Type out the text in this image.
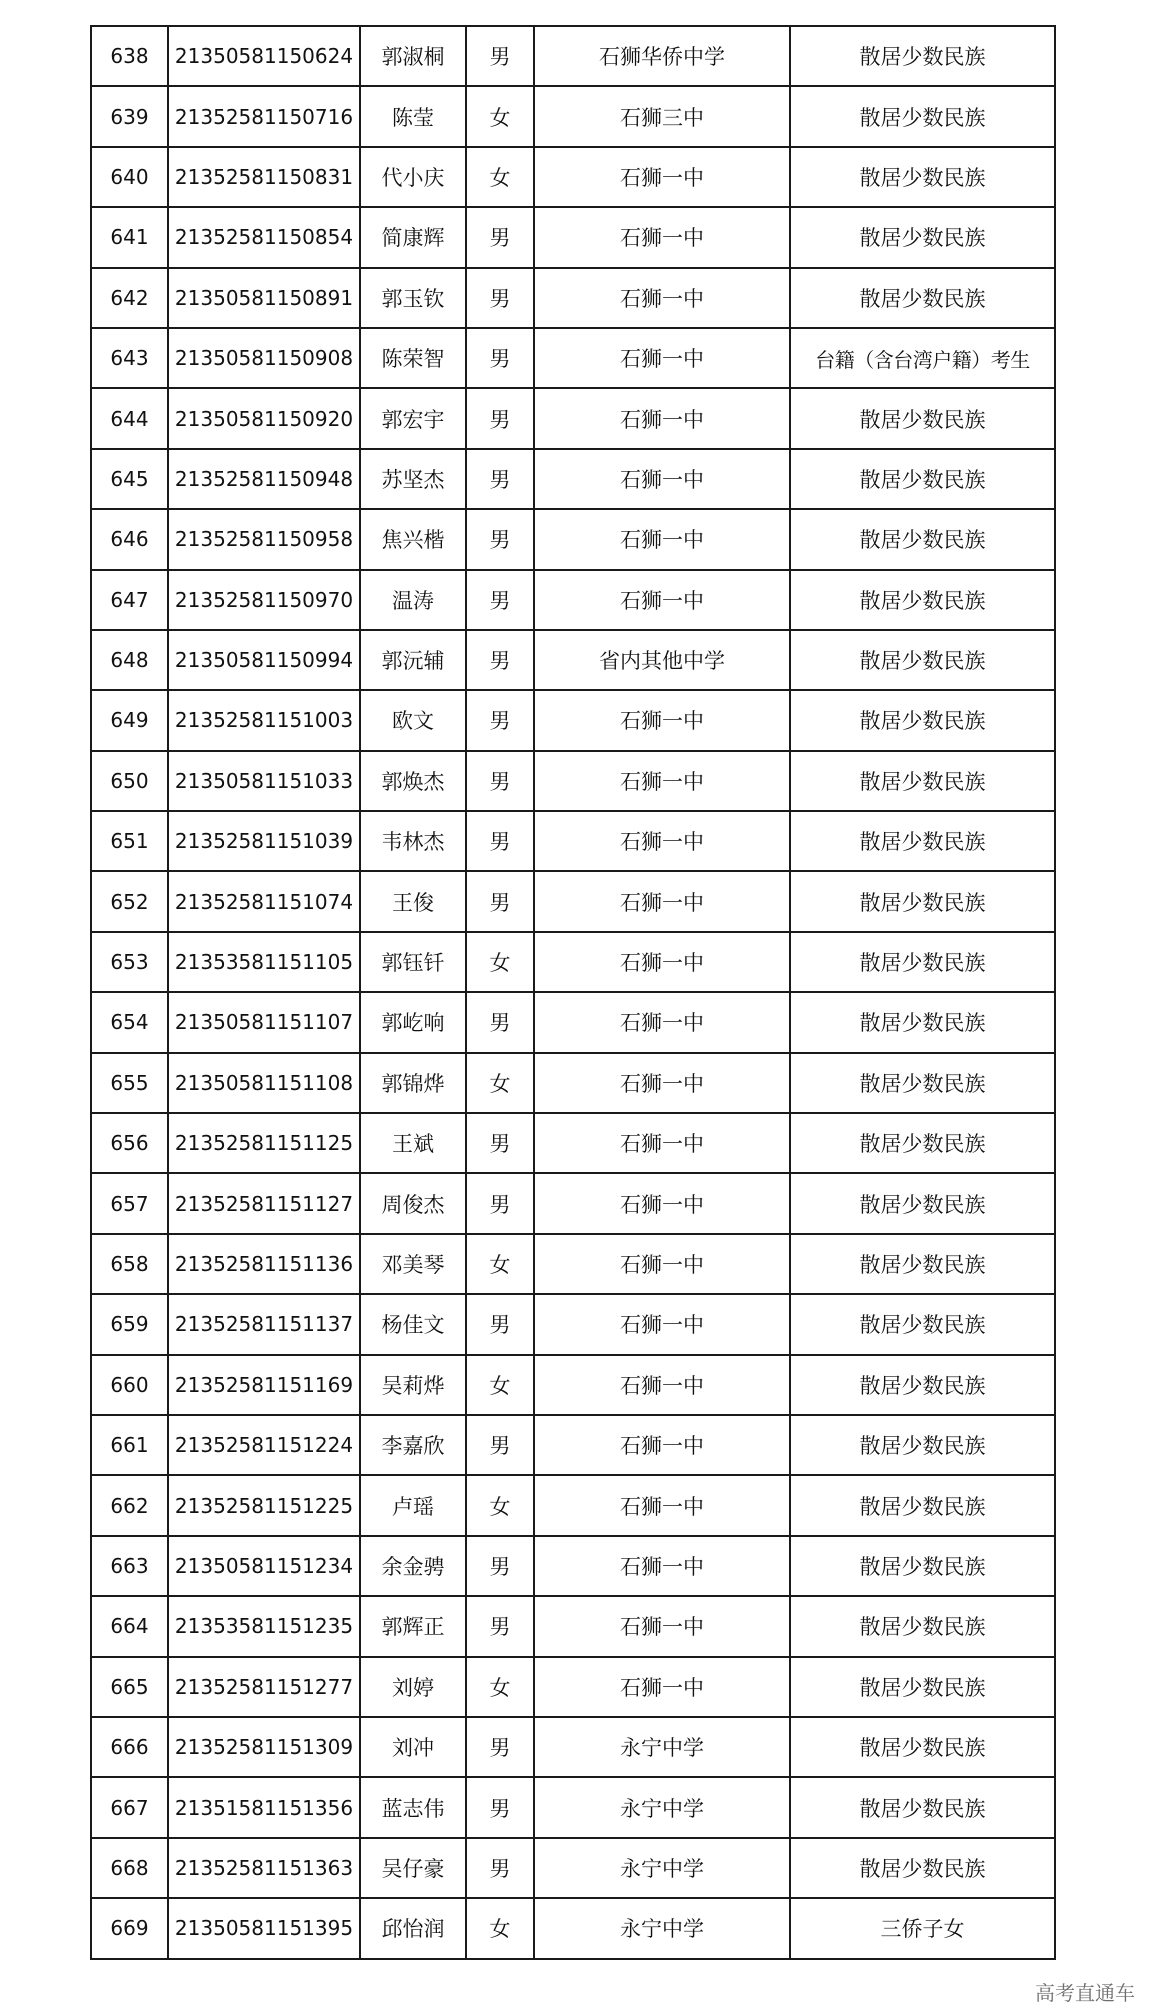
638	21350581150624	郭淑桐	男	石狮华侨中学	散居少数民族
639	21352581150716	陈莹	女	石狮三中	散居少数民族
640	21352581150831	代小庆	女	石狮一中	散居少数民族
641	21352581150854	简康辉	男	石狮一中	散居少数民族
642	21350581150891	郭玉钦	男	石狮一中	散居少数民族
643	21350581150908	陈荣智	男	石狮一中	台籍（含台湾户籍）考生
644	21350581150920	郭宏宇	男	石狮一中	散居少数民族
645	21352581150948	苏坚杰	男	石狮一中	散居少数民族
646	21352581150958	焦兴楷	男	石狮一中	散居少数民族
647	21352581150970	温涛	男	石狮一中	散居少数民族
648	21350581150994	郭沅辅	男	省内其他中学	散居少数民族
649	21352581151003	欧文	男	石狮一中	散居少数民族
650	21350581151033	郭焕杰	男	石狮一中	散居少数民族
651	21352581151039	韦林杰	男	石狮一中	散居少数民族
652	21352581151074	王俊	男	石狮一中	散居少数民族
653	21353581151105	郭钰钎	女	石狮一中	散居少数民族
654	21350581151107	郭屹响	男	石狮一中	散居少数民族
655	21350581151108	郭锦烨	女	石狮一中	散居少数民族
656	21352581151125	王斌	男	石狮一中	散居少数民族
657	21352581151127	周俊杰	男	石狮一中	散居少数民族
658	21352581151136	邓美琴	女	石狮一中	散居少数民族
659	21352581151137	杨佳文	男	石狮一中	散居少数民族
660	21352581151169	吴莉烨	女	石狮一中	散居少数民族
661	21352581151224	李嘉欣	男	石狮一中	散居少数民族
662	21352581151225	卢瑶	女	石狮一中	散居少数民族
663	21350581151234	余金骋	男	石狮一中	散居少数民族
664	21353581151235	郭辉正	男	石狮一中	散居少数民族
665	21352581151277	刘婷	女	石狮一中	散居少数民族
666	21352581151309	刘冲	男	永宁中学	散居少数民族
667	21351581151356	蓝志伟	男	永宁中学	散居少数民族
668	21352581151363	吴仔豪	男	永宁中学	散居少数民族
669	21350581151395	邱怡润	女	永宁中学	三侨子女
高考直通车
